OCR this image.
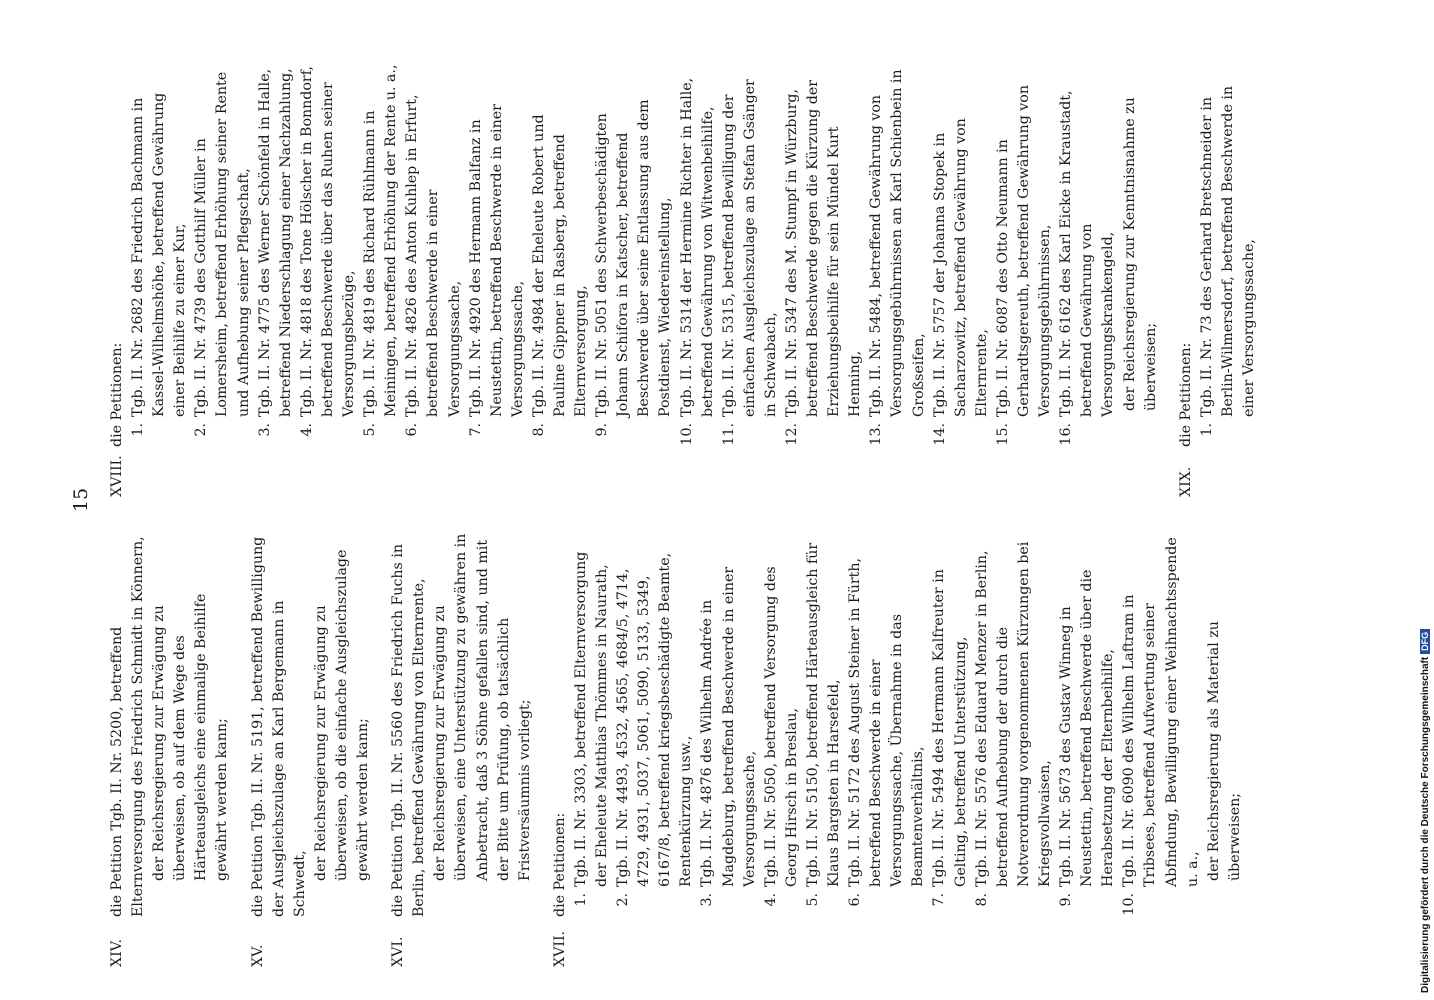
15
XIV.
die Petition Tgb. II. Nr. 5200, betreffend Elternversorgung des Friedrich Schmidt in Könnern, der Reichsregierung zur Erwägung zu überweisen, ob auf dem Wege des Härteausgleichs eine einmalige Beihilfe gewährt werden kann;
XV.
die Petition Tgb. II. Nr. 5191, betreffend Bewilligung der Ausgleichszulage an Karl Bergemann in Schwedt,
der Reichsregierung zur Erwägung zu überweisen, ob die einfache Ausgleichszulage gewährt werden kann;
XVI.
die Petition Tgb. II. Nr. 5560 des Friedrich Fuchs in Berlin, betreffend Gewährung von Elternrente, der Reichsregierung zur Erwägung zu überweisen, eine Unterstützung zu gewähren in Anbetracht, daß 3 Söhne gefallen sind, und mit der Bitte um Prüfung, ob tatsächlich Fristversäumnis vorliegt;
XVII.
die Petitionen: 1.
Tgb. II. Nr. 3303, betreffend Elternversorgung der Eheleute Matthias Thömmes in Naurath,
2.
Tgb. II. Nr. 4493, 4532, 4565, 4684/5, 4714, 4729, 4931, 5037, 5061, 5090, 5133, 5349, 6167/8, betreffend kriegsbeschädigte Beamte, Rentenkürzung usw.,
3.
Tgb. II. Nr. 4876 des Wilhelm Andrée in Magdeburg, betreffend Beschwerde in einer Versorgungssache,
4.
Tgb. II. Nr. 5050, betreffend Versorgung des Georg Hirsch in Breslau,
5.
Tgb. II. Nr. 5150, betreffend Härteausgleich für Klaus Bargsten in Harsefeld,
6.
Tgb. II. Nr. 5172 des August Steiner in Fürth, betreffend Beschwerde in einer Versorgungssache, Übernahme in das Beamtenverhältnis,
7.
Tgb. II. Nr. 5494 des Hermann Kalfreuter in Gelting, betreffend Unterstützung,
8.
Tgb. II. Nr. 5576 des Eduard Menzer in Berlin, betreffend Aufhebung der durch die Notverordnung vorgenommenen Kürzungen bei Kriegsvollwaisen,
9.
Tgb. II. Nr. 5673 des Gustav Winneg in Neustettin, betreffend Beschwerde über die Herabsetzung der Elternbeihilfe,
10.
Tgb. II. Nr. 6090 des Wilhelm Laftram in Tribsees, betreffend Aufwertung seiner Abfindung, Bewilligung einer Weihnachtsspende u. a., der Reichsregierung als Material zu überweisen;
XVIII.
die Petitionen: 1.
Tgb. II. Nr. 2682 des Friedrich Bachmann in Kassel-Wilhelmshöhe, betreffend Gewährung einer Beihilfe zu einer Kur,
2.
Tgb. II. Nr. 4739 des Gotthilf Müller in Lomersheim, betreffend Erhöhung seiner Rente und Aufhebung seiner Pflegschaft,
3.
Tgb. II. Nr. 4775 des Werner Schönfeld in Halle, betreffend Niederschlagung einer Nachzahlung,
4.
Tgb. II. Nr. 4818 des Tone Hölscher in Bonndorf, betreffend Beschwerde über das Ruhen seiner Versorgungsbezüge,
5.
Tgb. II. Nr. 4819 des Richard Rühlmann in Meiningen, betreffend Erhöhung der Rente u. a.,
6.
Tgb. II. Nr. 4826 des Anton Kuhlep in Erfurt, betreffend Beschwerde in einer Versorgungssache,
7.
Tgb. II. Nr. 4920 des Hermann Balfanz in Neustettin, betreffend Beschwerde in einer Versorgungssache,
8.
Tgb. II. Nr. 4984 der Eheleute Robert und Pauline Gippner in Rasberg, betreffend Elternversorgung,
9.
Tgb. II. Nr. 5051 des Schwerbeschädigten Johann Schifora in Katscher, betreffend Beschwerde über seine Entlassung aus dem Postdienst, Wiedereinstellung,
10.
Tgb. II. Nr. 5314 der Hermine Richter in Halle, betreffend Gewährung von Witwenbeihilfe,
11.
Tgb. II. Nr. 5315, betreffend Bewilligung der einfachen Ausgleichszulage an Stefan Gsänger in Schwabach,
12.
Tgb. II. Nr. 5347 des M. Stumpf in Würzburg, betreffend Beschwerde gegen die Kürzung der Erziehungsbeihilfe für sein Mündel Kurt Henning,
13.
Tgb. II. Nr. 5484, betreffend Gewährung von Versorgungsgebührnissen an Karl Schienbein in Großseifen,
14.
Tgb. II. Nr. 5757 der Johanna Stopek in Sacharzowitz, betreffend Gewährung von Elternrente,
15.
Tgb. II. Nr. 6087 des Otto Neumann in Gerhardtsgereuth, betreffend Gewährung von Versorgungsgebührnissen,
16.
Tgb. II. Nr. 6162 des Karl Eicke in Kraustadt, betreffend Gewährung von Versorgungskrankengeld, der Reichsregierung zur Kenntnisnahme zu überweisen;
XIX.
die Petitionen: 1.
Tgb. II. Nr. 73 des Gerhard Bretschneider in Berlin-Wilmersdorf, betreffend Beschwerde in einer Versorgungssache,
Digitalisierung gefördert durch die Deutsche ForschungsgemeinschaftDFG
